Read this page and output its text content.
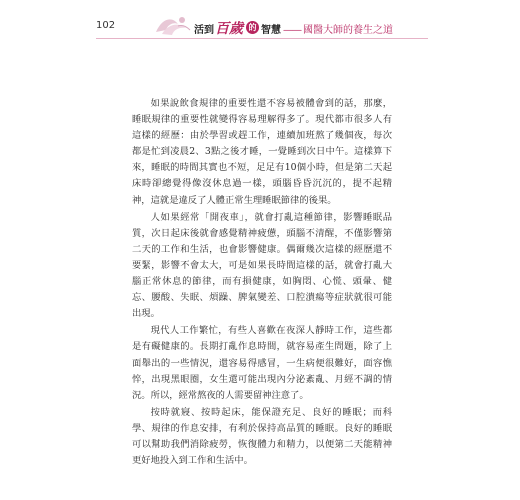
102	活到 百歲 的 智慧 —— 國醫大師的養生之道

如果說飲食規律的重要性還不容易被體會到的話，那麼，睡眠規律的重要性就變得容易理解得多了。現代都市很多人有這樣的經歷：由於學習或趕工作，連續加班熬了幾個夜，每次都是忙到凌晨2、3點之後才睡，一覺睡到次日中午。這樣算下來，睡眠的時間其實也不短，足足有10個小時，但是第二天起床時卻總覺得像沒休息過一樣，頭腦昏昏沉沉的，提不起精神，這就是違反了人體正常生理睡眠節律的後果。

人如果經常「開夜車」，就會打亂這種節律，影響睡眠品質，次日起床後就會感覺精神疲憊，頭腦不清醒，不僅影響第二天的工作和生活，也會影響健康。偶爾幾次這樣的經歷還不要緊，影響不會太大，可是如果長時間這樣的話，就會打亂大腦正常休息的節律，而有損健康，如胸悶、心慌、頭暈、健忘、腰酸、失眠、煩躁、脾氣變差、口腔潰瘍等症狀就很可能出現。

現代人工作繁忙，有些人喜歡在夜深人靜時工作，這些都是有礙健康的。長期打亂作息時間，就容易產生問題，除了上面舉出的一些情況，還容易得感冒，一生病便很難好，面容憔悴，出現黑眼圈，女生還可能出現內分泌紊亂、月經不調的情況。所以，經常熬夜的人需要留神注意了。

按時就寢、按時起床，能保證充足、良好的睡眠；而科學、規律的作息安排，有利於保持高品質的睡眠。良好的睡眠可以幫助我們消除疲勞，恢復體力和精力，以便第二天能精神更好地投入到工作和生活中。
